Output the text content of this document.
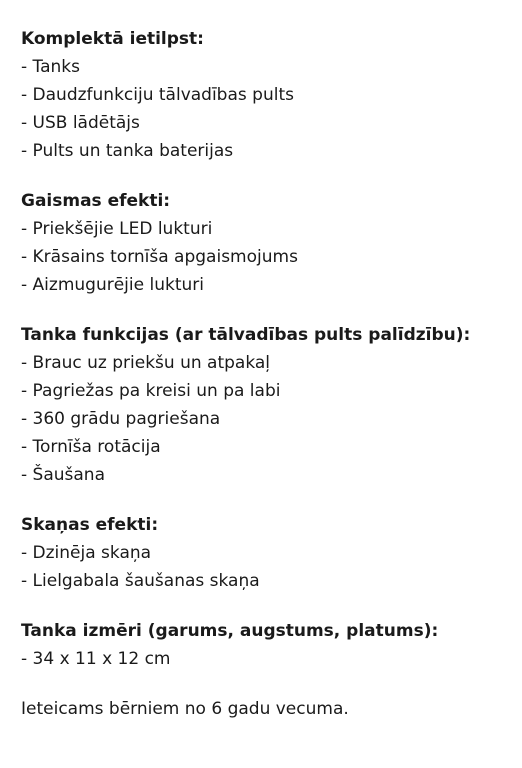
Komplektā ietilpst:
- Tanks
- Daudzfunkciju tālvadības pults
- USB lādētājs
- Pults un tanka baterijas
Gaismas efekti:
- Priekšējie LED lukturi
- Krāsains tornīša apgaismojums
- Aizmugurējie lukturi
Tanka funkcijas (ar tālvadības pults palīdzību):
- Brauc uz priekšu un atpakaļ
- Pagriežas pa kreisi un pa labi
- 360 grādu pagriešana
- Tornīša rotācija
- Šaušana
Skaņas efekti:
- Dzinēja skaņa
- Lielgabala šaušanas skaņa
Tanka izmēri (garums, augstums, platums):
- 34 x 11 x 12 cm
Ieteicams bērniem no 6 gadu vecuma.
